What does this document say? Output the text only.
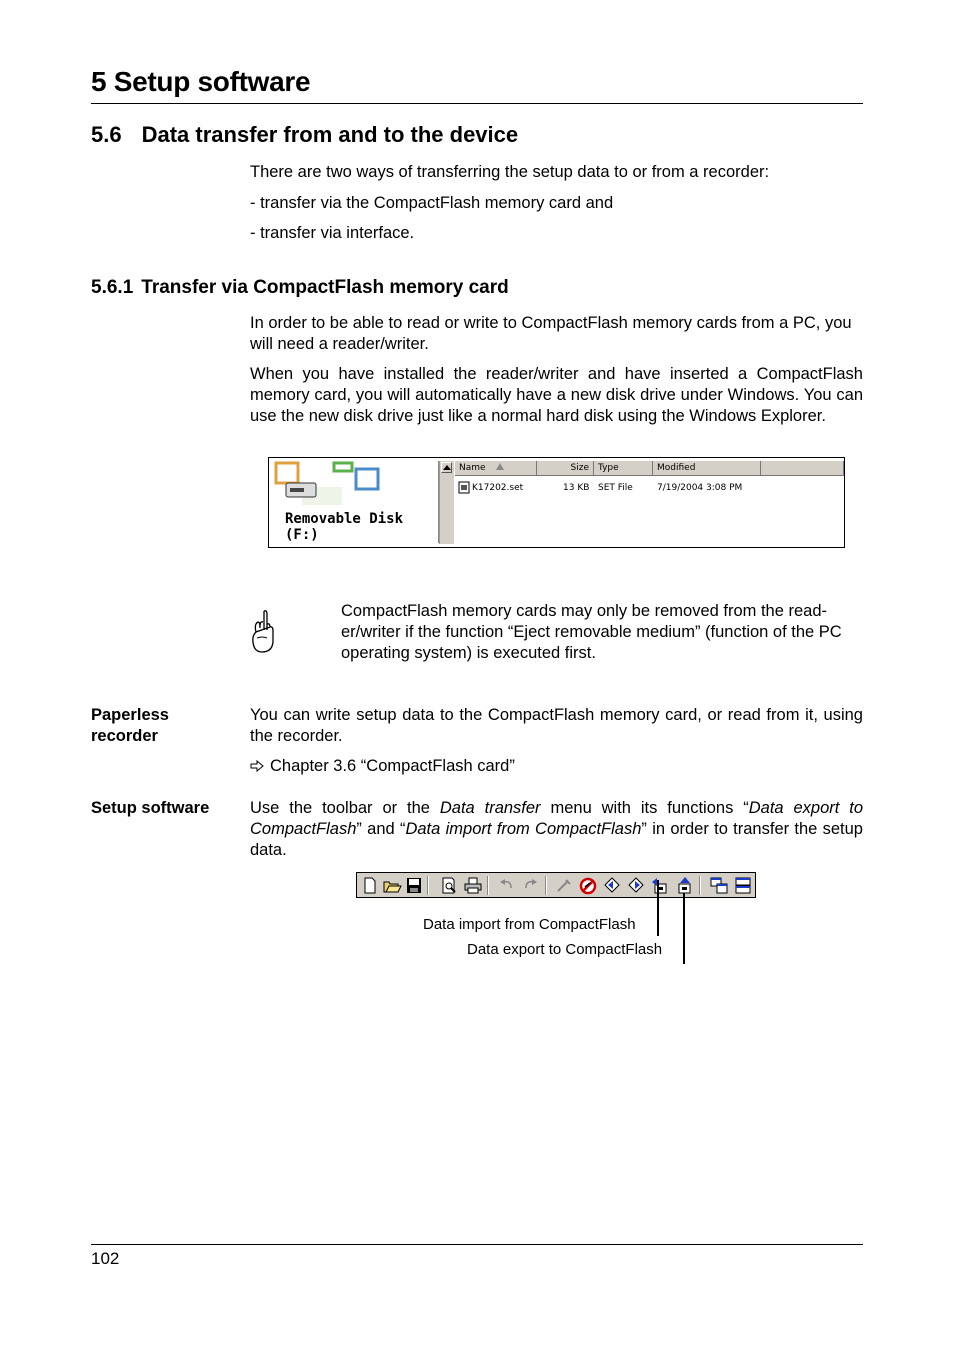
5 Setup software
5.6 Data transfer from and to the device
There are two ways of transferring the setup data to or from a recorder:
- transfer via the CompactFlash memory card and
- transfer via interface.
5.6.1 Transfer via CompactFlash memory card
In order to be able to read or write to CompactFlash memory cards from a PC, you will need a reader/writer.
When you have installed the reader/writer and have inserted a CompactFlash memory card, you will automatically have a new disk drive under Windows. You can use the new disk drive just like a normal hard disk using the Windows Explorer.
Removable Disk
(F:)
Name	Size	Type	Modified
K17202.set	13 KB SET File	7/19/2004 3:08 PM
CompactFlash memory cards may only be removed from the read-er/writer if the function “Eject removable medium” (function of the PC operating system) is executed first.
Paperless
recorder
You can write setup data to the CompactFlash memory card, or read from it, using the recorder.
Chapter 3.6 “CompactFlash card”
Setup software	Use the toolbar or the Data transfer menu with its functions “Data export to CompactFlash” and “Data import from CompactFlash” in order to transfer the setup data.
Data import from CompactFlash
Data export to CompactFlash
102
